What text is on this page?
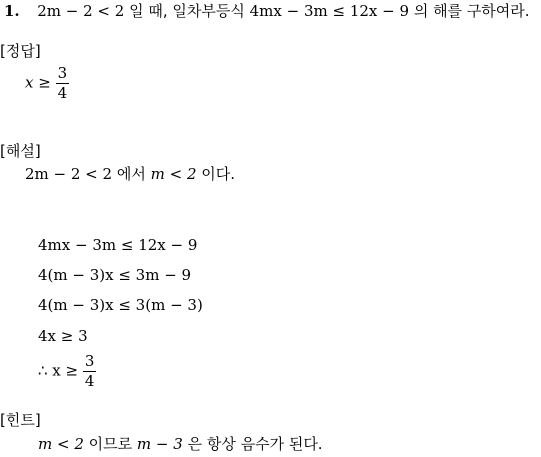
1. 2m − 2 < 2 일 때, 일차부등식 4mx − 3m ≤ 12x − 9 의 해를 구하여라.
[정답]
$x \ge \frac{3}{4}$
[해설]
2m − 2 < 2 에서 m < 2 이다.
4mx − 3m ≤ 12x − 9
4(m − 3)x ≤ 3m − 9
4(m − 3)x ≤ 3(m − 3)
4x ≥ 3
∴ $x \ge \frac{3}{4}$
[힌트]
m < 2 이므로 m − 3 은 항상 음수가 된다.
